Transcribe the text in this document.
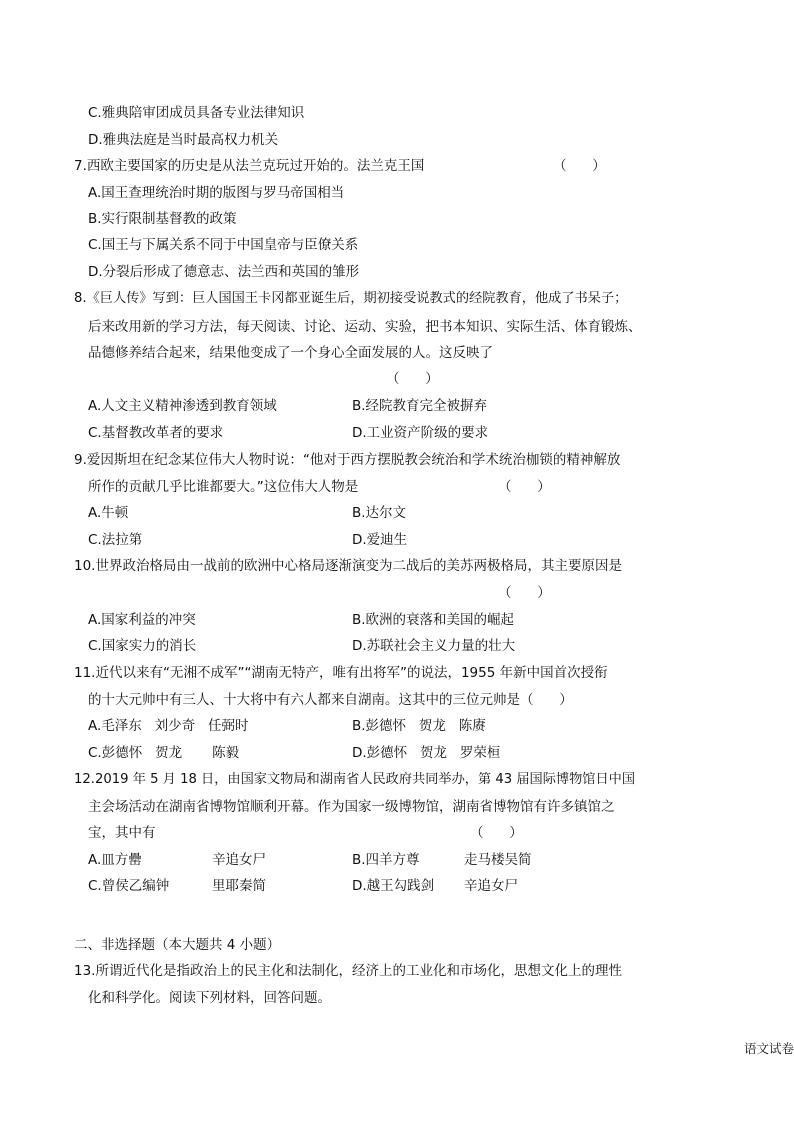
C.雅典陪审团成员具备专业法律知识
D.雅典法庭是当时最高权力机关
7.西欧主要国家的历史是从法兰克玩过开始的。法兰克王国	（      ）
A.国王查理统治时期的版图与罗马帝国相当
B.实行限制基督教的政策
C.国王与下属关系不同于中国皇帝与臣僚关系
D.分裂后形成了德意志、法兰西和英国的雏形
8.《巨人传》写到：巨人国国王卡冈都亚诞生后，期初接受说教式的经院教育，他成了书呆子；
后来改用新的学习方法，每天阅读、讨论、运动、实验，把书本知识、实际生活、体育锻炼、
品德修养结合起来，结果他变成了一个身心全面发展的人。这反映了
（      ）
A.人文主义精神渗透到教育领域	B.经院教育完全被摒弃
C.基督教改革者的要求	D.工业资产阶级的要求
9.爱因斯坦在纪念某位伟大人物时说：“他对于西方摆脱教会统治和学术统治枷锁的精神解放
所作的贡献几乎比谁都要大。”这位伟大人物是	（      ）
A.牛顿	B.达尔文
C.法拉第	D.爱迪生
10.世界政治格局由一战前的欧洲中心格局逐渐演变为二战后的美苏两极格局，其主要原因是
（      ）
A.国家利益的冲突	B.欧洲的衰落和美国的崛起
C.国家实力的消长	D.苏联社会主义力量的壮大
11.近代以来有“无湘不成军”“湖南无特产，唯有出将军”的说法，1955 年新中国首次授衔
的十大元帅中有三人、十大将中有六人都来自湖南。这其中的三位元帅是（      ）
A.毛泽东   刘少奇   任弼时	B.彭德怀   贺龙   陈赓
C.彭德怀   贺龙       陈毅	D.彭德怀   贺龙   罗荣桓
12.2019 年 5 月 18 日，由国家文物局和湖南省人民政府共同举办，第 43 届国际博物馆日中国
主会场活动在湖南省博物馆顺利开幕。作为国家一级博物馆，湖南省博物馆有许多镇馆之
宝，其中有	（      ）
A.皿方罍	辛追女尸	B.四羊方尊	走马楼吴简
C.曾侯乙编钟	里耶秦简	D.越王勾践剑 辛追女尸
二、非选择题（本大题共 4 小题）
13.所谓近代化是指政治上的民主化和法制化，经济上的工业化和市场化，思想文化上的理性
化和科学化。阅读下列材料，回答问题。
语文试卷
